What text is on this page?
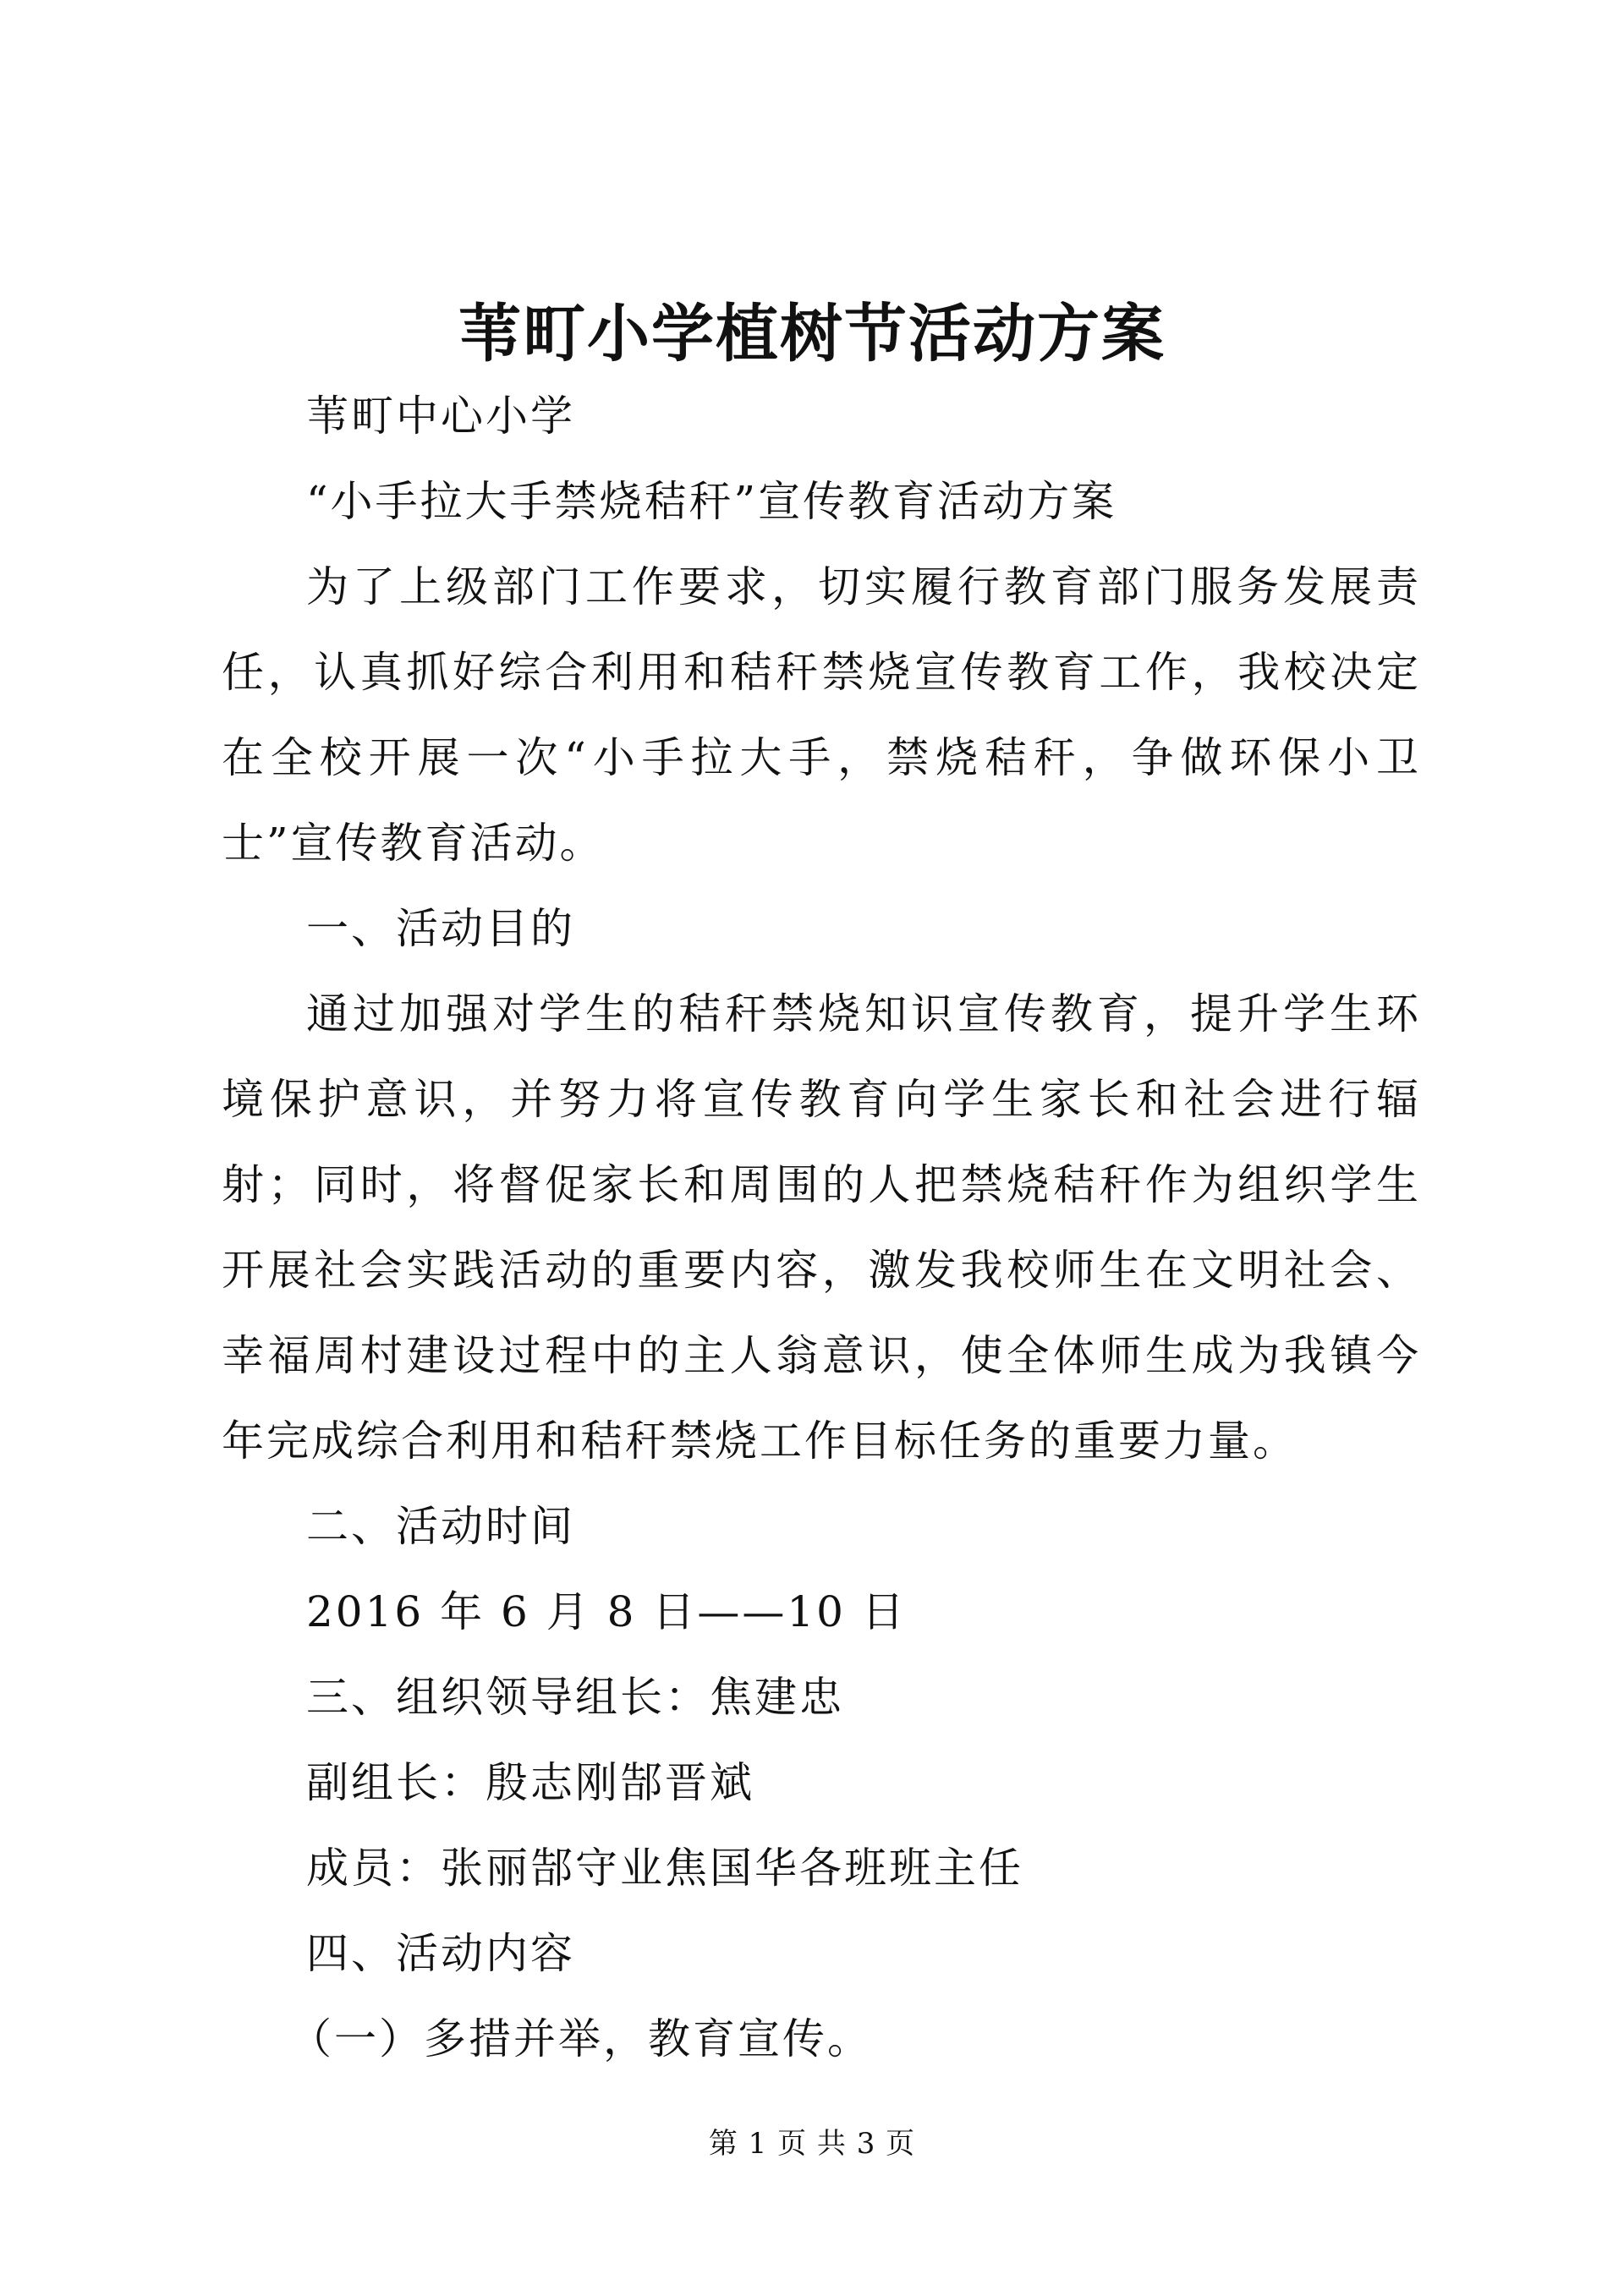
苇町小学植树节活动方案

苇町中心小学

“小手拉大手禁烧秸秆”宣传教育活动方案

为了上级部门工作要求，切实履行教育部门服务发展责任，认真抓好综合利用和秸秆禁烧宣传教育工作，我校决定在全校开展一次“小手拉大手，禁烧秸秆，争做环保小卫士”宣传教育活动。

一、活动目的

通过加强对学生的秸秆禁烧知识宣传教育，提升学生环境保护意识，并努力将宣传教育向学生家长和社会进行辐射；同时，将督促家长和周围的人把禁烧秸秆作为组织学生开展社会实践活动的重要内容，激发我校师生在文明社会、幸福周村建设过程中的主人翁意识，使全体师生成为我镇今年完成综合利用和秸秆禁烧工作目标任务的重要力量。

二、活动时间

2016 年 6 月 8 日——10 日

三、组织领导组长：焦建忠

副组长：殷志刚郜晋斌

成员：张丽郜守业焦国华各班班主任

四、活动内容

（一）多措并举，教育宣传。

第 1 页 共 3 页
